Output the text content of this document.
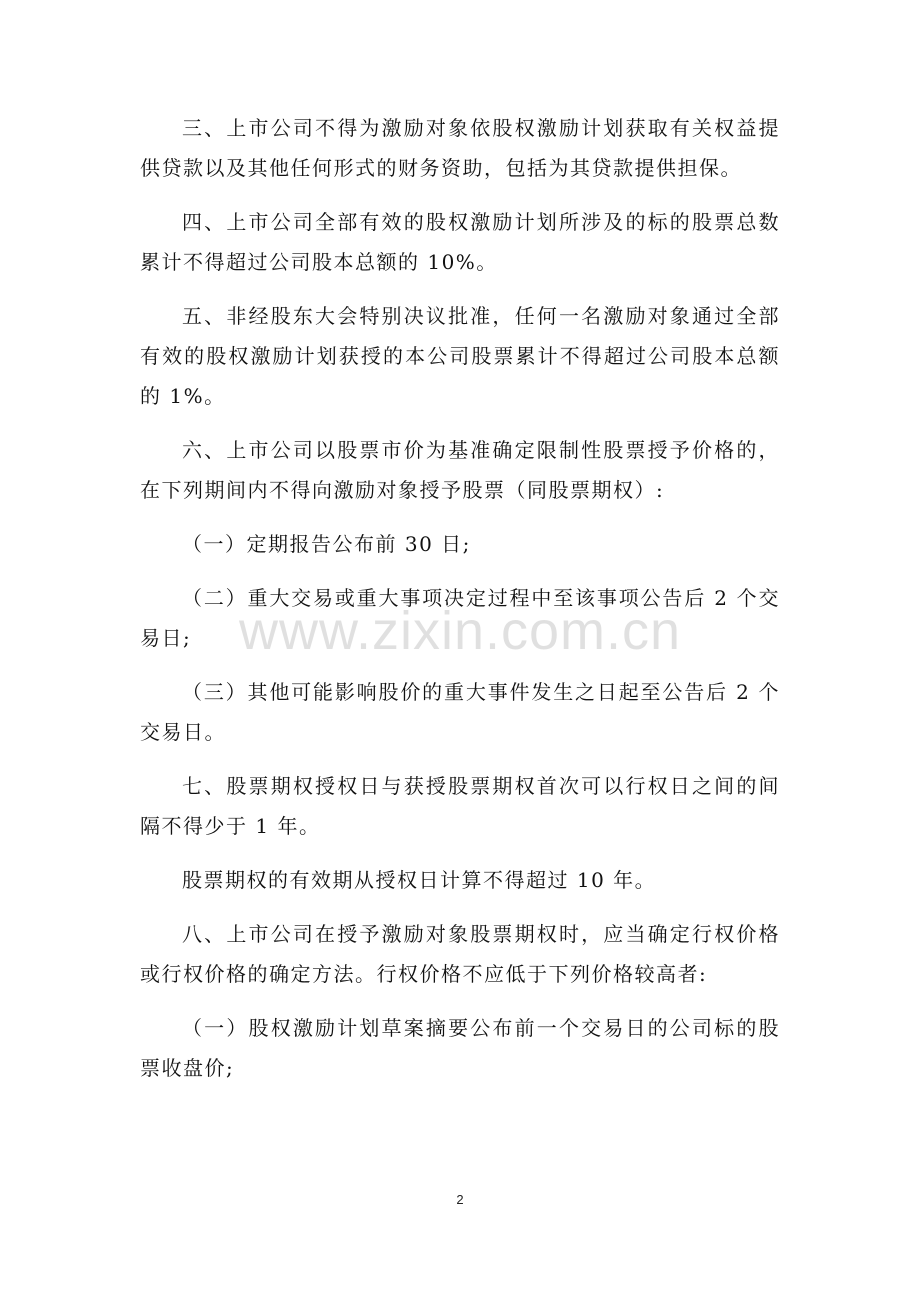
三、上市公司不得为激励对象依股权激励计划获取有关权益提供贷款以及其他任何形式的财务资助，包括为其贷款提供担保。

四、上市公司全部有效的股权激励计划所涉及的标的股票总数累计不得超过公司股本总额的 10%。

五、非经股东大会特别决议批准，任何一名激励对象通过全部有效的股权激励计划获授的本公司股票累计不得超过公司股本总额的 1%。

六、上市公司以股票市价为基准确定限制性股票授予价格的，在下列期间内不得向激励对象授予股票（同股票期权）:

（一）定期报告公布前 30 日;

（二）重大交易或重大事项决定过程中至该事项公告后 2 个交易日;

（三）其他可能影响股价的重大事件发生之日起至公告后 2 个交易日。

七、股票期权授权日与获授股票期权首次可以行权日之间的间隔不得少于 1 年。

股票期权的有效期从授权日计算不得超过 10 年。

八、上市公司在授予激励对象股票期权时，应当确定行权价格或行权价格的确定方法。行权价格不应低于下列价格较高者:

（一）股权激励计划草案摘要公布前一个交易日的公司标的股票收盘价;

www.zixin.com.cn
2
